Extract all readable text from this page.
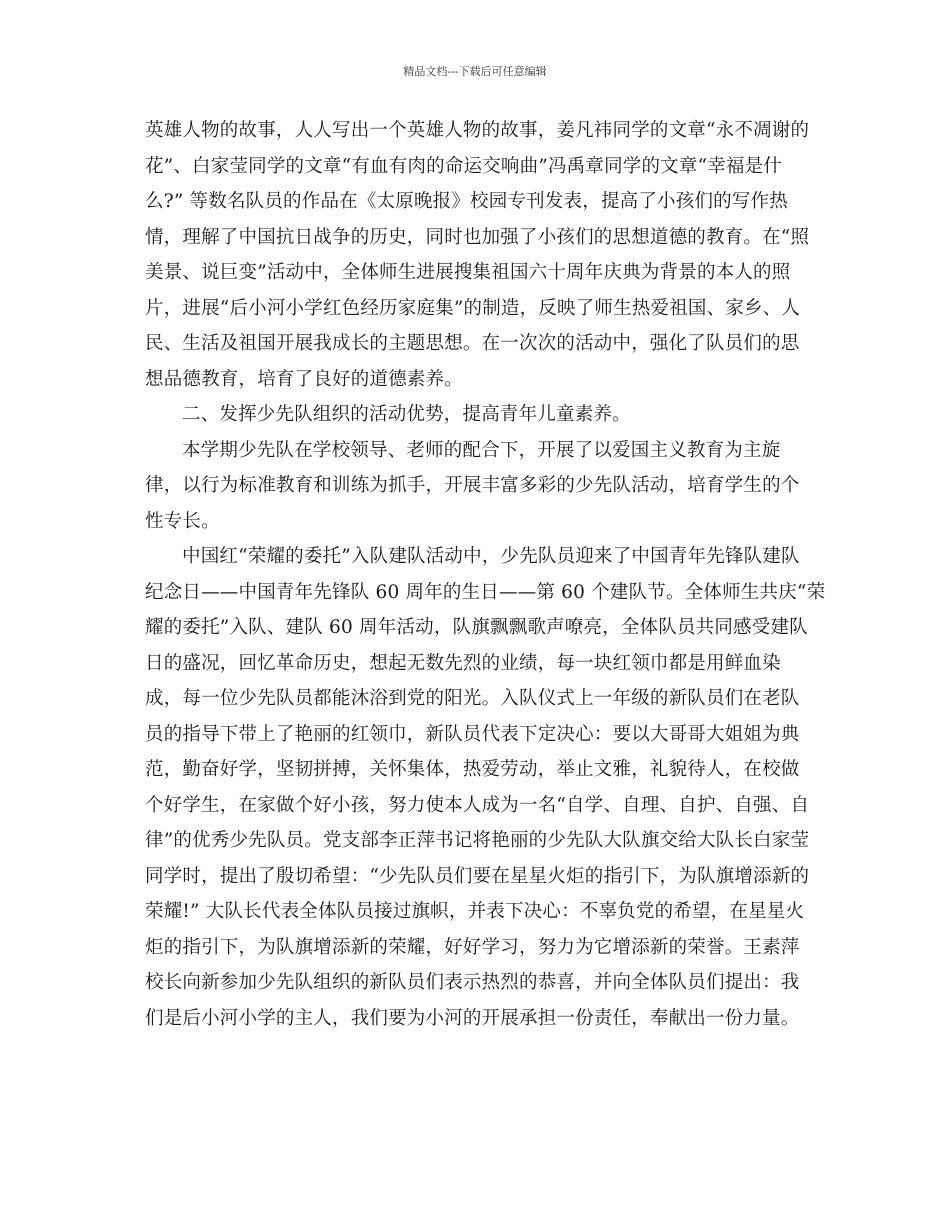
精品文档---下载后可任意编辑
英雄人物的故事，人人写出一个英雄人物的故事，姜凡祎同学的文章“永不凋谢的
花”、白家莹同学的文章“有血有肉的命运交响曲”冯禹章同学的文章“幸福是什
么?” 等数名队员的作品在《太原晚报》校园专刊发表，提高了小孩们的写作热
情，理解了中国抗日战争的历史，同时也加强了小孩们的思想道德的教育。在“照
美景、说巨变”活动中，全体师生进展搜集祖国六十周年庆典为背景的本人的照
片，进展“后小河小学红色经历家庭集”的制造，反映了师生热爱祖国、家乡、人
民、生活及祖国开展我成长的主题思想。在一次次的活动中，强化了队员们的思
想品德教育，培育了良好的道德素养。
二、发挥少先队组织的活动优势，提高青年儿童素养。
本学期少先队在学校领导、老师的配合下，开展了以爱国主义教育为主旋
律，以行为标准教育和训练为抓手，开展丰富多彩的少先队活动，培育学生的个
性专长。
中国红“荣耀的委托”入队建队活动中，少先队员迎来了中国青年先锋队建队
纪念日——中国青年先锋队 60 周年的生日——第 60 个建队节。全体师生共庆“荣
耀的委托”入队、建队 60 周年活动，队旗飘飘歌声嘹亮，全体队员共同感受建队
日的盛况，回忆革命历史，想起无数先烈的业绩，每一块红领巾都是用鲜血染
成，每一位少先队员都能沐浴到党的阳光。入队仪式上一年级的新队员们在老队
员的指导下带上了艳丽的红领巾，新队员代表下定决心：要以大哥哥大姐姐为典
范，勤奋好学，坚韧拼搏，关怀集体，热爱劳动，举止文雅，礼貌待人，在校做
个好学生，在家做个好小孩，努力使本人成为一名“自学、自理、自护、自强、自
律”的优秀少先队员。党支部李正萍书记将艳丽的少先队大队旗交给大队长白家莹
同学时，提出了殷切希望：“少先队员们要在星星火炬的指引下，为队旗增添新的
荣耀!” 大队长代表全体队员接过旗帜，并表下决心：不辜负党的希望，在星星火
炬的指引下，为队旗增添新的荣耀，好好学习，努力为它增添新的荣誉。王素萍
校长向新参加少先队组织的新队员们表示热烈的恭喜，并向全体队员们提出：我
们是后小河小学的主人，我们要为小河的开展承担一份责任，奉献出一份力量。
